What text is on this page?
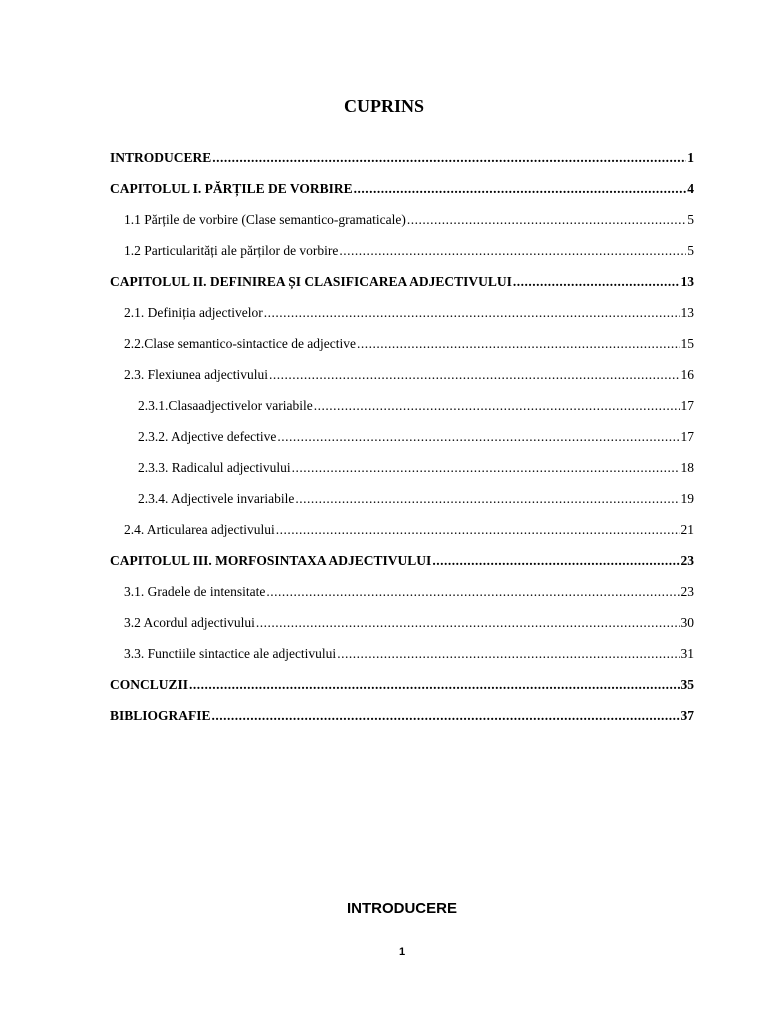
CUPRINS
INTRODUCERE .....	1
CAPITOLUL I. PĂRȚILE DE VORBIRE .....	4
1.1 Părțile de vorbire (Clase semantico-gramaticale) .....	5
1.2 Particularități ale părților de vorbire .....	5
CAPITOLUL II. DEFINIREA ȘI CLASIFICAREA ADJECTIVULUI .....	13
2.1. Definiția adjectivelor .....	13
2.2.Clase semantico-sintactice de adjective .....	15
2.3. Flexiunea adjectivului .....	16
2.3.1.Clasaadjectivelor variabile .....	17
2.3.2. Adjective defective .....	17
2.3.3. Radicalul adjectivului .....	18
2.3.4. Adjectivele invariabile .....	19
2.4. Articularea adjectivului .....	21
CAPITOLUL III. MORFOSINTAXA ADJECTIVULUI .....	23
3.1. Gradele de intensitate .....	23
3.2 Acordul adjectivului .....	30
3.3. Functiile sintactice ale adjectivului .....	31
CONCLUZII .....	35
BIBLIOGRAFIE .....	37
INTRODUCERE
1
